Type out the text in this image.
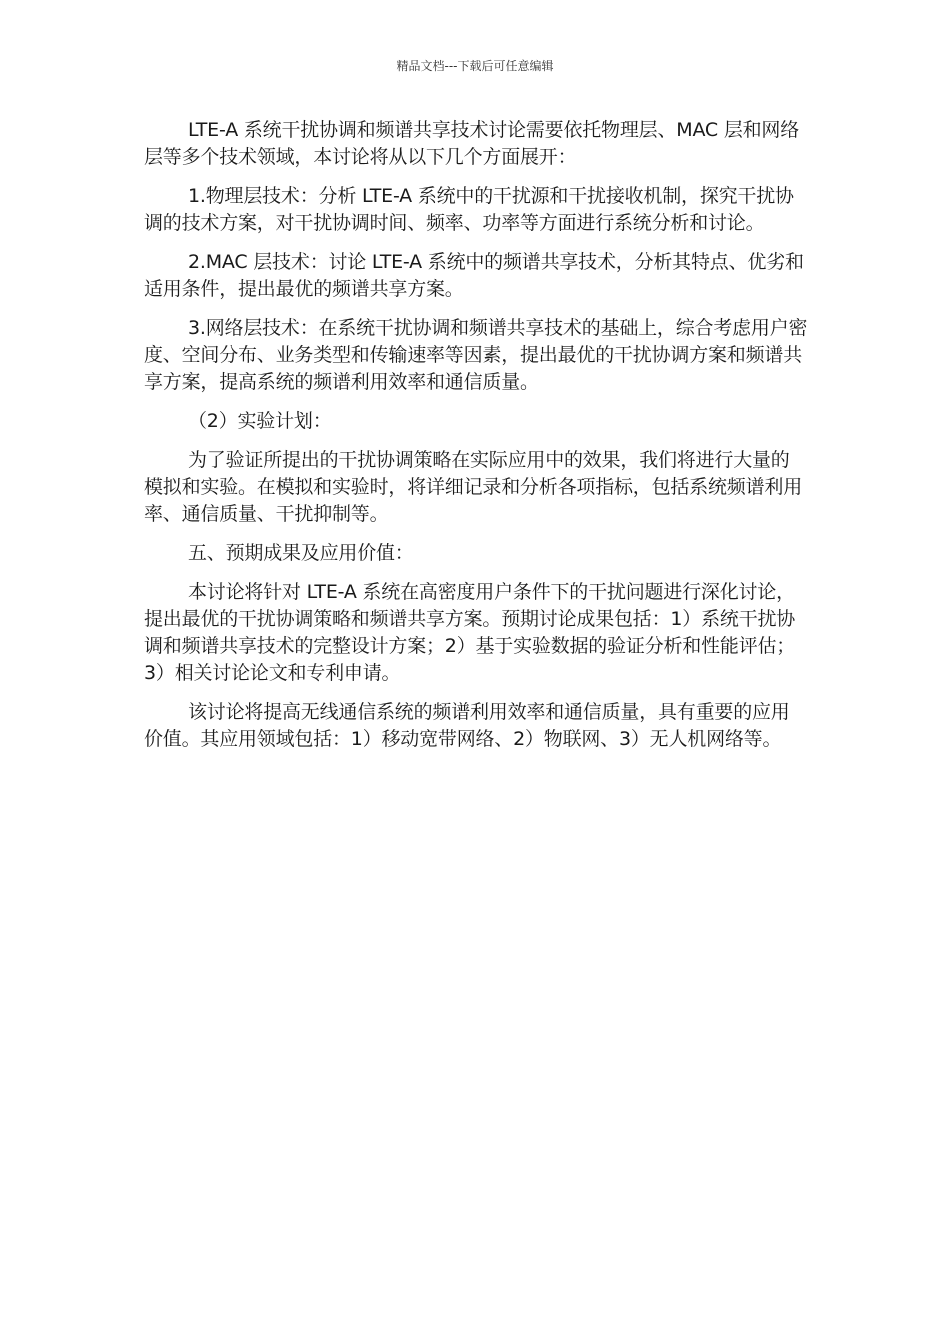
精品文档---下载后可任意编辑

LTE-A 系统干扰协调和频谱共享技术讨论需要依托物理层、MAC 层和网络层等多个技术领域，本讨论将从以下几个方面展开：

1.物理层技术：分析 LTE-A 系统中的干扰源和干扰接收机制，探究干扰协调的技术方案，对干扰协调时间、频率、功率等方面进行系统分析和讨论。

2.MAC 层技术：讨论 LTE-A 系统中的频谱共享技术，分析其特点、优劣和适用条件，提出最优的频谱共享方案。

3.网络层技术：在系统干扰协调和频谱共享技术的基础上，综合考虑用户密度、空间分布、业务类型和传输速率等因素，提出最优的干扰协调方案和频谱共享方案，提高系统的频谱利用效率和通信质量。

（2）实验计划：

为了验证所提出的干扰协调策略在实际应用中的效果，我们将进行大量的模拟和实验。在模拟和实验时，将详细记录和分析各项指标，包括系统频谱利用率、通信质量、干扰抑制等。

五、预期成果及应用价值：

本讨论将针对 LTE-A 系统在高密度用户条件下的干扰问题进行深化讨论，提出最优的干扰协调策略和频谱共享方案。预期讨论成果包括：1）系统干扰协调和频谱共享技术的完整设计方案；2）基于实验数据的验证分析和性能评估；3）相关讨论论文和专利申请。

该讨论将提高无线通信系统的频谱利用效率和通信质量，具有重要的应用价值。其应用领域包括：1）移动宽带网络、2）物联网、3）无人机网络等。
